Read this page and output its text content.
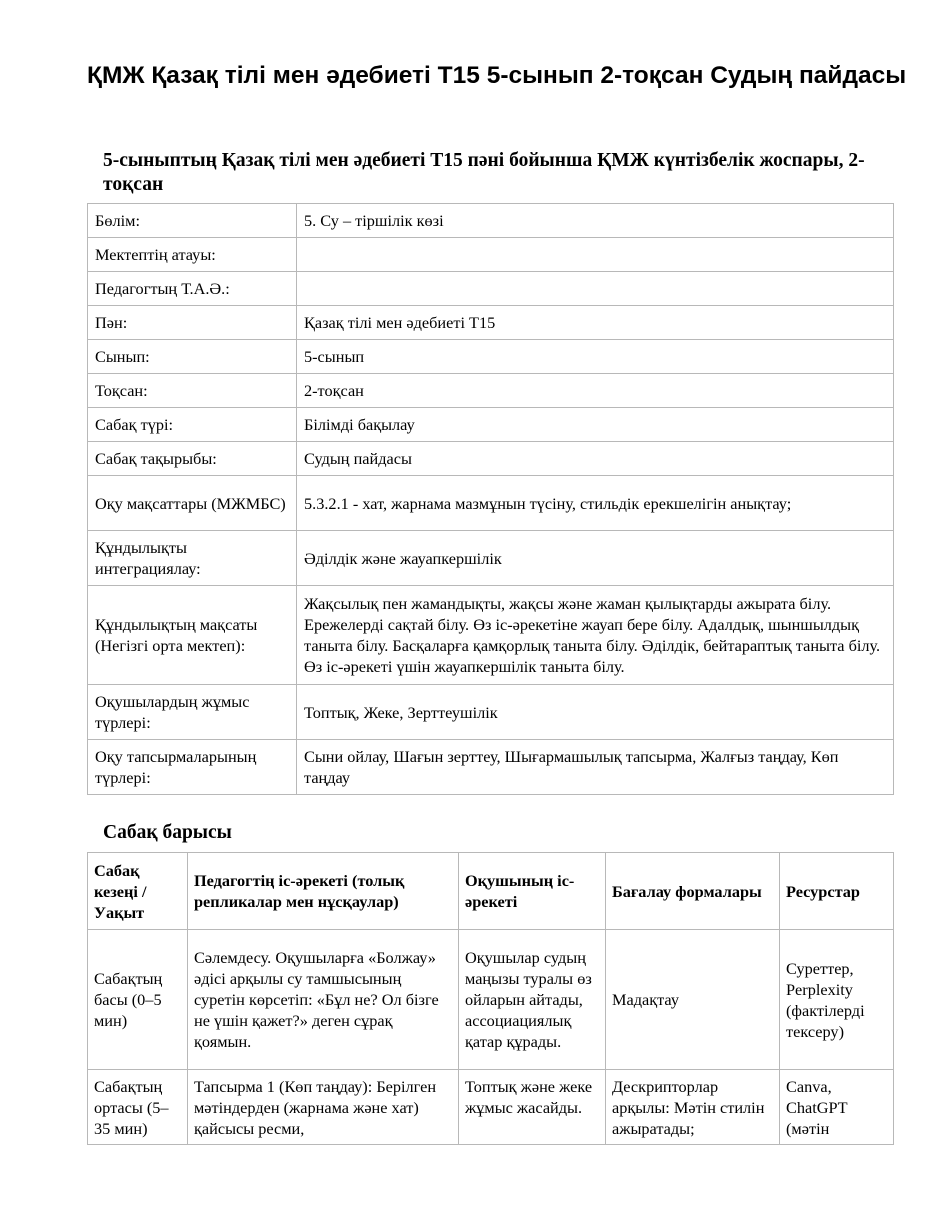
ҚМЖ Қазақ тілі мен әдебиеті Т15 5-сынып 2-тоқсан Судың пайдасы
5-сыныптың Қазақ тілі мен әдебиеті Т15 пәні бойынша ҚМЖ күнтізбелік жоспары, 2-тоқсан
Бөлім:	5. Су – тіршілік көзі
Мектептің атауы:	
Педагогтың Т.А.Ә.:	
Пән:	Қазақ тілі мен әдебиеті Т15
Сынып:	5-сынып
Тоқсан:	2-тоқсан
Сабақ түрі:	Білімді бақылау
Сабақ тақырыбы:	Судың пайдасы
Оқу мақсаттары (МЖМБС)	5.3.2.1 - хат, жарнама мазмұнын түсіну, стильдік ерекшелігін анықтау;
Құндылықты интеграциялау:	Әділдік және жауапкершілік
Құндылықтың мақсаты (Негізгі орта мектеп):	Жақсылық пен жамандықты, жақсы және жаман қылықтарды ажырата білу. Ережелерді сақтай білу. Өз іс-әрекетіне жауап бере білу. Адалдық, шыншылдық таныта білу. Басқаларға қамқорлық таныта білу. Әділдік, бейтараптық таныта білу. Өз іс-әрекеті үшін жауапкершілік таныта білу.
Оқушылардың жұмыс түрлері:	Топтық, Жеке, Зерттеушілік
Оқу тапсырмаларының түрлері:	Сыни ойлау, Шағын зерттеу, Шығармашылық тапсырма, Жалғыз таңдау, Көп таңдау
Сабақ барысы
Сабақ кезеңі / Уақыт	Педагогтің іс-әрекеті (толық репликалар мен нұсқаулар)	Оқушының іс-әрекеті	Бағалау формалары	Ресурстар
Сабақтың басы (0–5 мин)	Сәлемдесу. Оқушыларға «Болжау» әдісі арқылы су тамшысының суретін көрсетіп: «Бұл не? Ол бізге не үшін қажет?» деген сұрақ қоямын.	Оқушылар судың маңызы туралы өз ойларын айтады, ассоциациялық қатар құрады.	Мадақтау	Суреттер, Perplexity (фактілерді тексеру)
Сабақтың ортасы (5–35 мин)	Тапсырма 1 (Көп таңдау): Берілген мәтіндерден (жарнама және хат) қайсысы ресми,	Топтық және жеке жұмыс жасайды.	Дескрипторлар арқылы: Мәтін стилін ажыратады;	Canva, ChatGPT (мәтін
